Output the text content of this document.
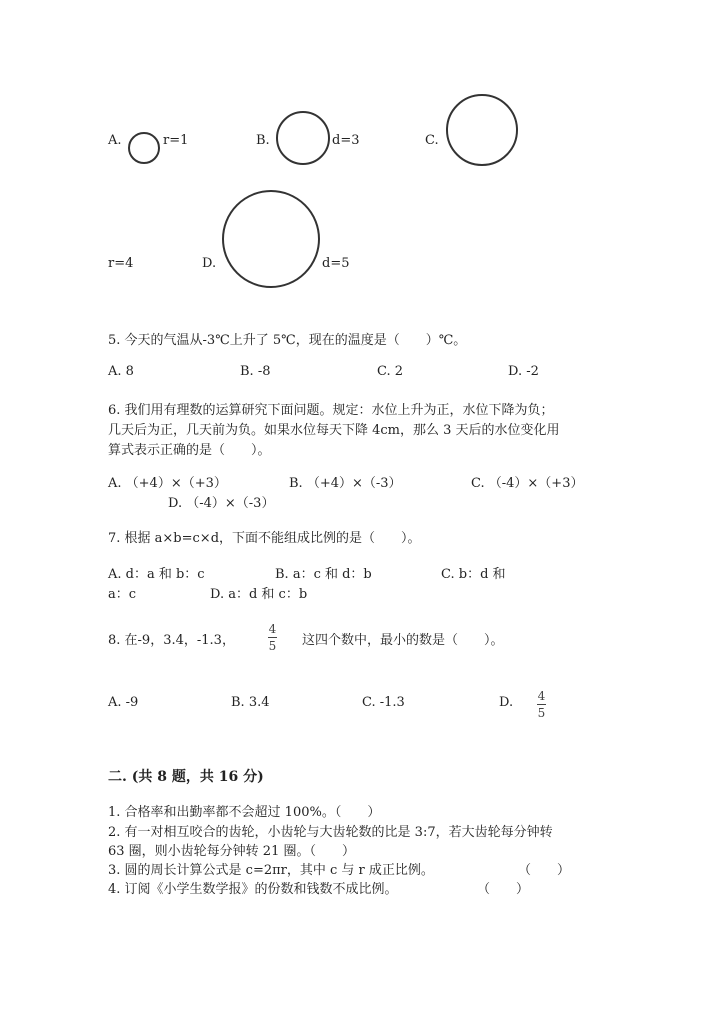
A.	r=1	B.	d=3	C.
r=4	D.	d=5
5. 今天的气温从-3℃上升了 5℃，现在的温度是（　　）℃。
A. 8	B. -8	C. 2	D. -2
6. 我们用有理数的运算研究下面问题。规定：水位上升为正，水位下降为负；
几天后为正，几天前为负。如果水位每天下降 4cm，那么 3 天后的水位变化用
算式表示正确的是（　　）。
A. （+4）×（+3）	B. （+4）×（-3）	C. （-4）×（+3）
D. （-4）×（-3）
7. 根据 a×b=c×d，下面不能组成比例的是（　　）。
A. d：a 和 b：c	B. a：c 和 d：b	C. b：d 和
a：c	D. a：d 和 c：b
8. 在-9，3.4，-1.3，
4
5 这四个数中，最小的数是（　　）。
A. -9	B. 3.4	C. -1.3	D. 4
5
二. (共 8 题，共 16 分)
1. 合格率和出勤率都不会超过 100%。（　　）
2. 有一对相互咬合的齿轮，小齿轮与大齿轮数的比是 3:7，若大齿轮每分钟转
63 圈，则小齿轮每分钟转 21 圈。（　　）
3. 圆的周长计算公式是 c=2πr，其中 c 与 r 成正比例。	（　　）
4. 订阅《小学生数学报》的份数和钱数不成比例。	（　　）
